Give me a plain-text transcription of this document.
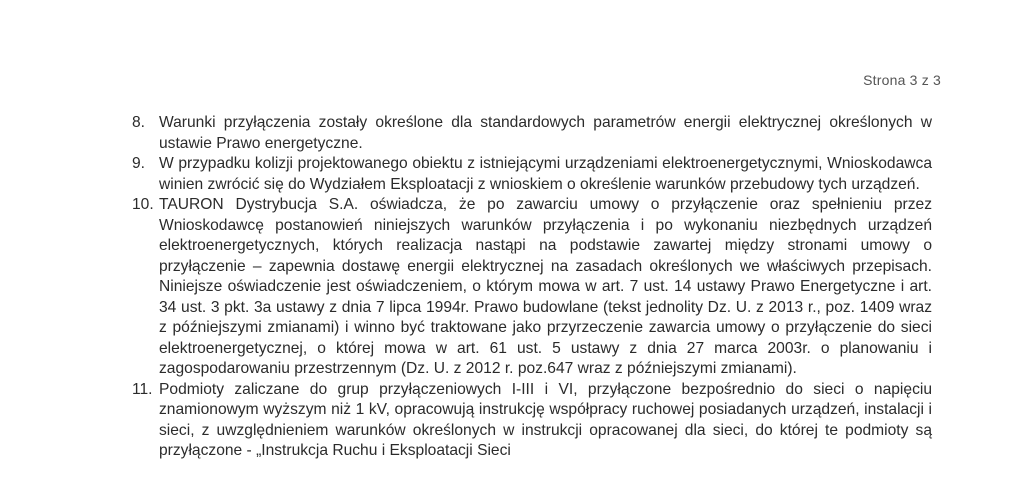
Strona 3 z 3
8. Warunki przyłączenia zostały określone dla standardowych parametrów energii elektrycznej określonych w ustawie Prawo energetyczne.
9. W przypadku kolizji projektowanego obiektu z istniejącymi urządzeniami elektroenergetycznymi, Wnioskodawca winien zwrócić się do Wydziałem Eksploatacji z wnioskiem o określenie warunków przebudowy tych urządzeń.
10. TAURON Dystrybucja S.A. oświadcza, że po zawarciu umowy o przyłączenie oraz spełnieniu przez Wnioskodawcę postanowień niniejszych warunków przyłączenia i po wykonaniu niezbędnych urządzeń elektroenergetycznych, których realizacja nastąpi na podstawie zawartej między stronami umowy o przyłączenie – zapewnia dostawę energii elektrycznej na zasadach określonych we właściwych przepisach. Niniejsze oświadczenie jest oświadczeniem, o którym mowa w art. 7 ust. 14 ustawy Prawo Energetyczne i art. 34 ust. 3 pkt. 3a ustawy z dnia 7 lipca 1994r. Prawo budowlane (tekst jednolity Dz. U. z 2013 r., poz. 1409 wraz z późniejszymi zmianami) i winno być traktowane jako przyrzeczenie zawarcia umowy o przyłączenie do sieci elektroenergetycznej, o której mowa w art. 61 ust. 5 ustawy z dnia 27 marca 2003r. o planowaniu i zagospodarowaniu przestrzennym (Dz. U. z 2012 r. poz.647 wraz z późniejszymi zmianami).
11. Podmioty zaliczane do grup przyłączeniowych I-III i VI, przyłączone bezpośrednio do sieci o napięciu znamionowym wyższym niż 1 kV, opracowują instrukcję współpracy ruchowej posiadanych urządzeń, instalacji i sieci, z uwzględnieniem warunków określonych w instrukcji opracowanej dla sieci, do której te podmioty są przyłączone - „Instrukcja Ruchu i Eksploatacji Sieci
